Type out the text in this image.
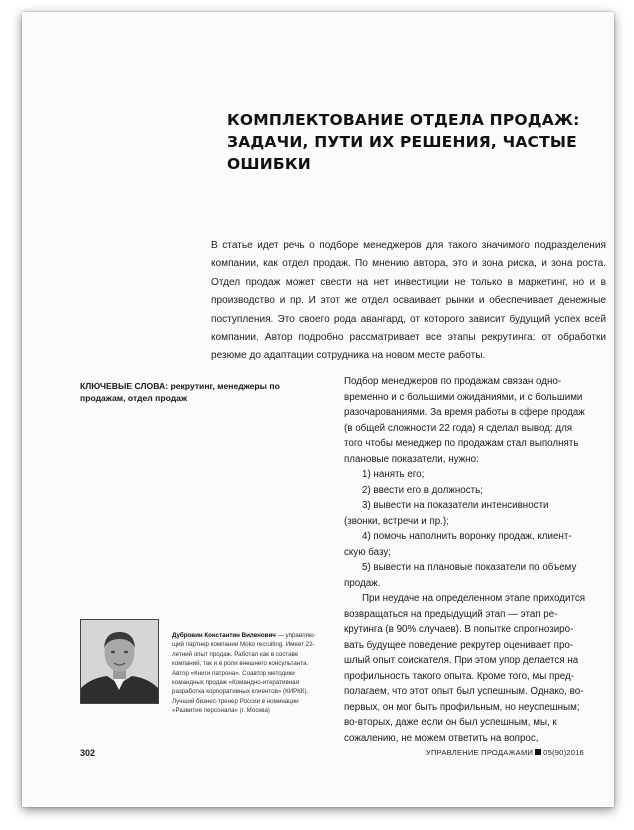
КОМПЛЕКТОВАНИЕ ОТДЕЛА ПРОДАЖ:
ЗАДАЧИ, ПУТИ ИХ РЕШЕНИЯ, ЧАСТЫЕ
ОШИБКИ

В статье идет речь о подборе менеджеров для такого значимого подразделения компании, как отдел продаж. По мнению автора, это и зона риска, и зона роста. Отдел продаж может свести на нет инвестиции не только в маркетинг, но и в производство и пр. И этот же отдел осваивает рынки и обеспечивает денежные поступления. Это своего рода авангард, от которого зависит будущий успех всей компании. Автор подробно рассматривает все этапы рекрутинга: от обработки резюме до адаптации сотрудника на новом месте работы.

КЛЮЧЕВЫЕ СЛОВА: рекрутинг, менеджеры по продажам, отдел продаж

Подбор менеджеров по продажам связан одновременно и с большими ожиданиями, и с большими разочарованиями. За время работы в сфере продаж (в общей сложности 22 года) я сделал вывод: для того чтобы менеджер по продажам стал выполнять плановые показатели, нужно:

1) нанять его;

2) ввести его в должность;

3) вывести на показатели интенсивности (звонки, встречи и пр.);

4) помочь наполнить воронку продаж, клиентскую базу;

5) вывести на плановые показатели по объему продаж.

При неудаче на определенном этапе приходится возвращаться на предыдущий этап — этап рекрутинга (в 90% случаев). В попытке спрогнозировать будущее поведение рекрутер оценивает прошлый опыт соискателя. При этом упор делается на профильность такого опыта. Кроме того, мы предполагаем, что этот опыт был успешным. Однако, во-первых, он мог быть профильным, но неуспешным; во-вторых, даже если он был успешным, мы, к сожалению, не можем ответить на вопрос,

Дубровин Константин Виленович — управляющий партнер компании Moko recruiting. Имеет 22-летний опыт продаж. Работал как в составе компаний, так и в роли внешнего консультанта. Автор «Книги патрона». Соавтор методики командных продаж «Командно-итеративная разработка корпоративных клиентов» (КИРКК). Лучший бизнес-тренер России в номинации «Развитие персонала» (г. Москва)

302	УПРАВЛЕНИЕ ПРОДАЖАМИ 05(90)2016
